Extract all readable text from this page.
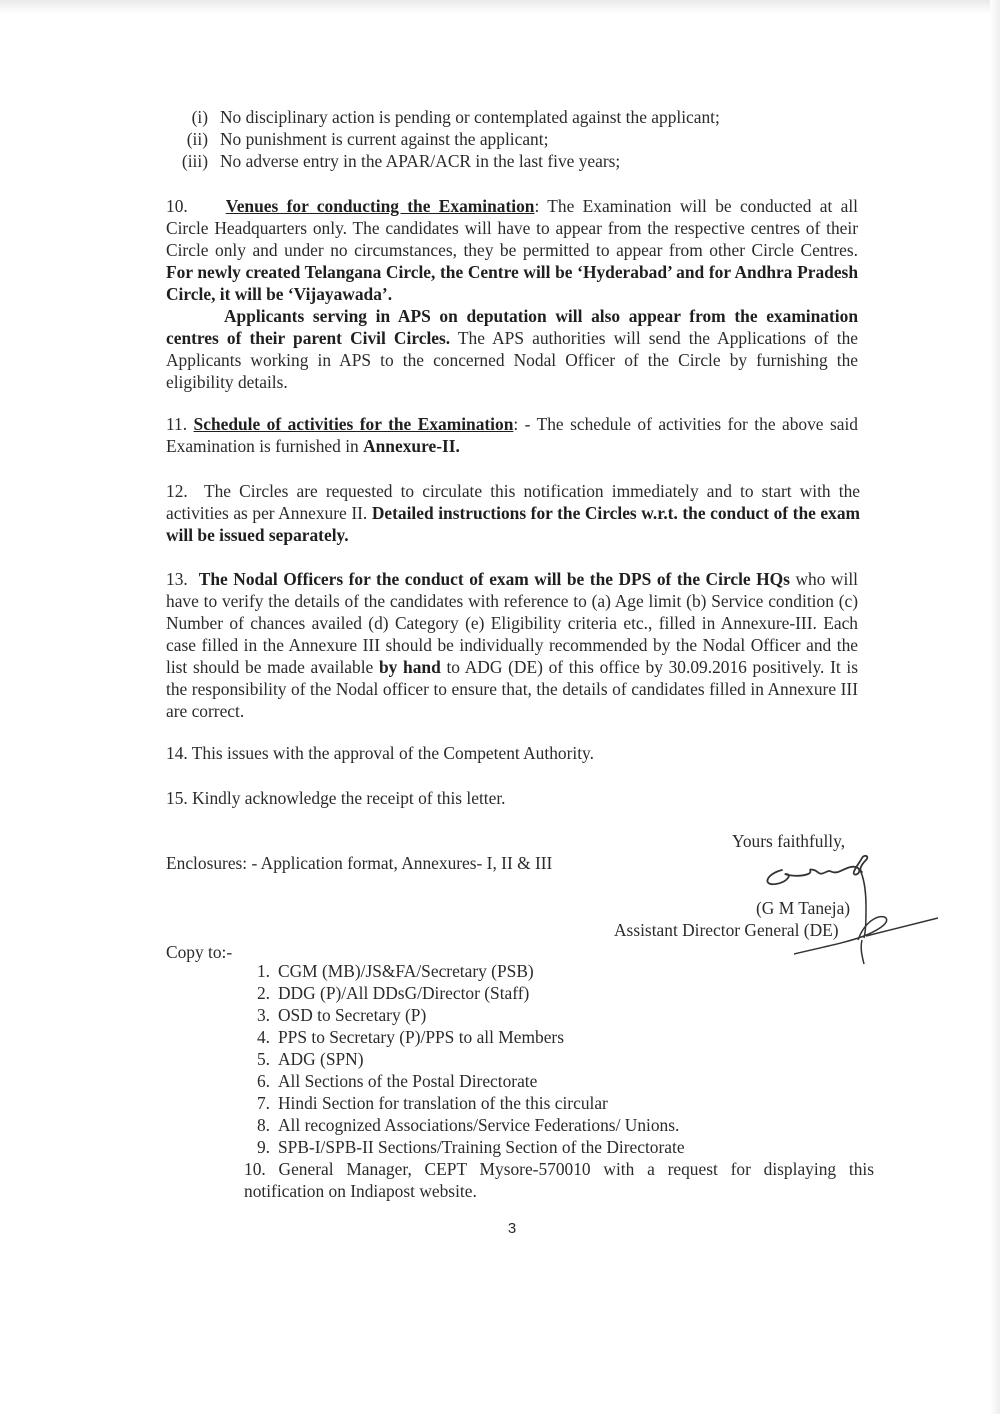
(i) No disciplinary action is pending or contemplated against the applicant;
(ii) No punishment is current against the applicant;
(iii) No adverse entry in the APAR/ACR in the last five years;

10. Venues for conducting the Examination: The Examination will be conducted at all Circle Headquarters only. The candidates will have to appear from the respective centres of their Circle only and under no circumstances, they be permitted to appear from other Circle Centres. For newly created Telangana Circle, the Centre will be ‘Hyderabad’ and for Andhra Pradesh Circle, it will be ‘Vijayawada’.

Applicants serving in APS on deputation will also appear from the examination centres of their parent Civil Circles. The APS authorities will send the Applications of the Applicants working in APS to the concerned Nodal Officer of the Circle by furnishing the eligibility details.

11. Schedule of activities for the Examination: - The schedule of activities for the above said Examination is furnished in Annexure-II.

12. The Circles are requested to circulate this notification immediately and to start with the activities as per Annexure II. Detailed instructions for the Circles w.r.t. the conduct of the exam will be issued separately.

13. The Nodal Officers for the conduct of exam will be the DPS of the Circle HQs who will have to verify the details of the candidates with reference to (a) Age limit (b) Service condition (c) Number of chances availed (d) Category (e) Eligibility criteria etc., filled in Annexure-III. Each case filled in the Annexure III should be individually recommended by the Nodal Officer and the list should be made available by hand to ADG (DE) of this office by 30.09.2016 positively. It is the responsibility of the Nodal officer to ensure that, the details of candidates filled in Annexure III are correct.

14. This issues with the approval of the Competent Authority.

15. Kindly acknowledge the receipt of this letter.

Yours faithfully,

Enclosures: - Application format, Annexures- I, II & III

(G M Taneja)

Assistant Director General (DE)

Copy to:-

1. CGM (MB)/JS&FA/Secretary (PSB)
2. DDG (P)/All DDsG/Director (Staff)
3. OSD to Secretary (P)
4. PPS to Secretary (P)/PPS to all Members
5. ADG (SPN)
6. All Sections of the Postal Directorate
7. Hindi Section for translation of the this circular
8. All recognized Associations/Service Federations/ Unions.
9. SPB-I/SPB-II Sections/Training Section of the Directorate
10. General Manager, CEPT Mysore-570010 with a request for displaying this notification on Indiapost website.
3
